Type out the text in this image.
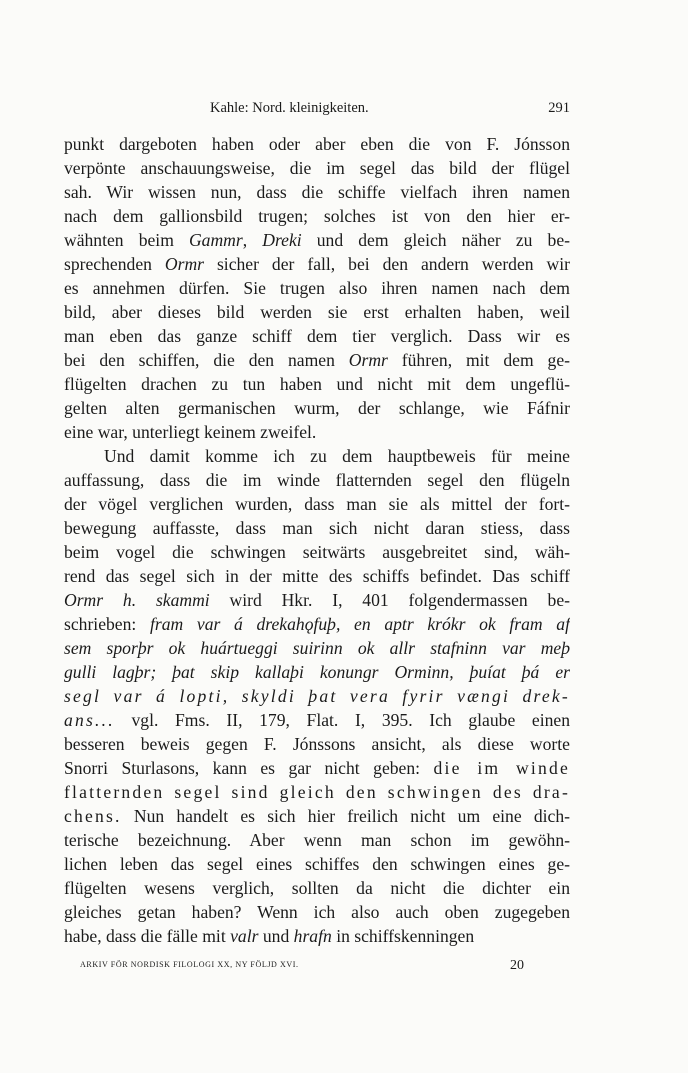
Kahle: Nord. kleinigkeiten.	291
punkt dargeboten haben oder aber eben die von F. Jónsson
verpönte anschauungsweise, die im segel das bild der flügel
sah. Wir wissen nun, dass die schiffe vielfach ihren namen
nach dem gallionsbild trugen; solches ist von den hier er-
wähnten beim Gammr, Dreki und dem gleich näher zu be-
sprechenden Ormr sicher der fall, bei den andern werden wir
es annehmen dürfen. Sie trugen also ihren namen nach dem
bild, aber dieses bild werden sie erst erhalten haben, weil
man eben das ganze schiff dem tier verglich. Dass wir es
bei den schiffen, die den namen Ormr führen, mit dem ge-
flügelten drachen zu tun haben und nicht mit dem ungeflü-
gelten alten germanischen wurm, der schlange, wie Fáfnir
eine war, unterliegt keinem zweifel.
Und damit komme ich zu dem hauptbeweis für meine
auffassung, dass die im winde flatternden segel den flügeln
der vögel verglichen wurden, dass man sie als mittel der fort-
bewegung auffasste, dass man sich nicht daran stiess, dass
beim vogel die schwingen seitwärts ausgebreitet sind, wäh-
rend das segel sich in der mitte des schiffs befindet. Das schiff
Ormr h. skammi wird Hkr. I, 401 folgendermassen be-
schrieben: fram var á drekahǫfuþ, en aptr krókr ok fram af
sem sporþr ok huártueggi suirinn ok allr stafninn var meþ
gulli lagþr; þat skip kallaþi konungr Orminn, þuíat þá er
segl var á lopti, skyldi þat vera fyrir vængi drek-
ans... vgl. Fms. II, 179, Flat. I, 395. Ich glaube einen
besseren beweis gegen F. Jónssons ansicht, als diese worte
Snorri Sturlasons, kann es gar nicht geben: die im winde
flatternden segel sind gleich den schwingen des dra-
chens. Nun handelt es sich hier freilich nicht um eine dich-
terische bezeichnung. Aber wenn man schon im gewöhn-
lichen leben das segel eines schiffes den schwingen eines ge-
flügelten wesens verglich, sollten da nicht die dichter ein
gleiches getan haben? Wenn ich also auch oben zugegeben
habe, dass die fälle mit valr und hrafn in schiffskenningen
ARKIV FÖR NORDISK FILOLOGI XX, NY FÖLJD XVI.	20
